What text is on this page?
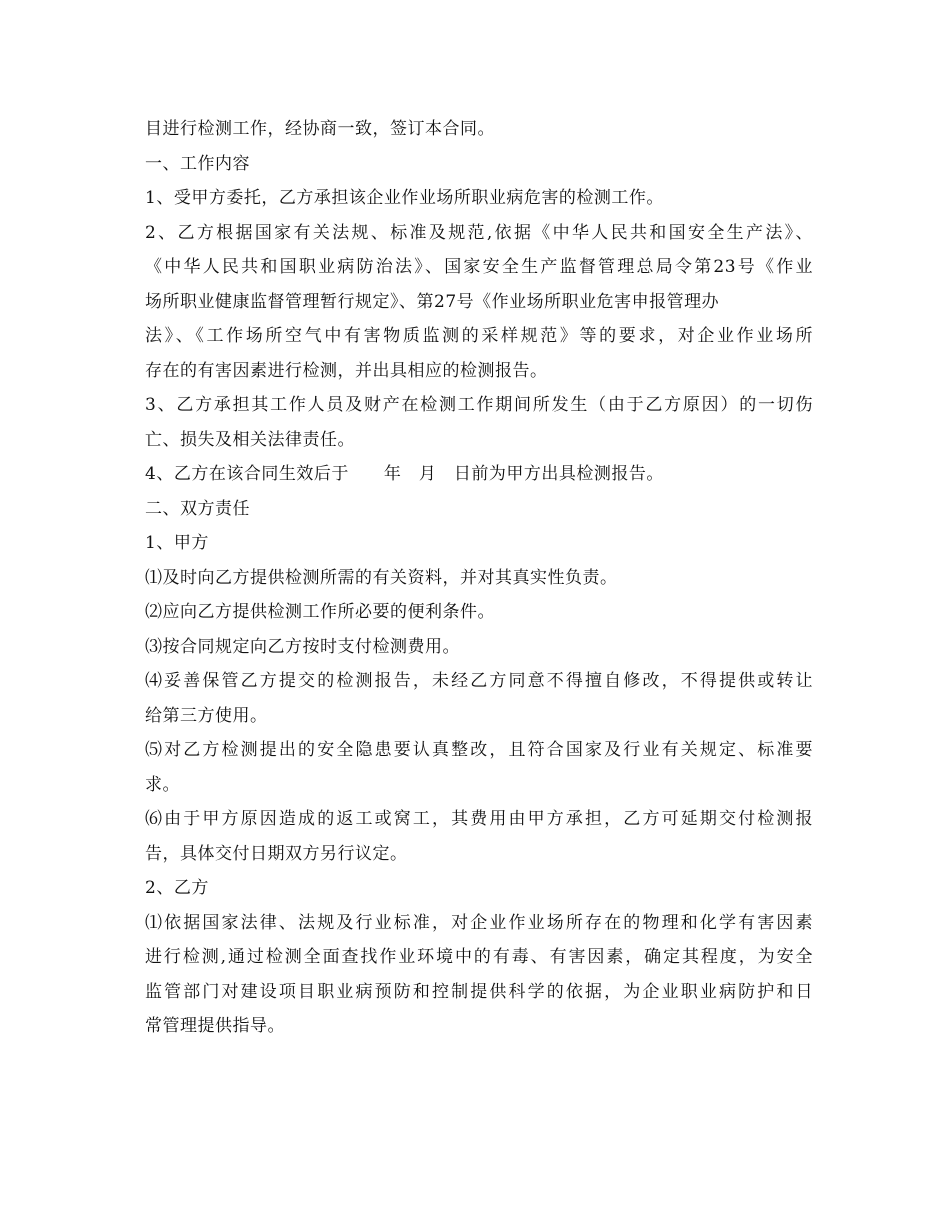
目进行检测工作，经协商一致，签订本合同。

一、工作内容

1、受甲方委托，乙方承担该企业作业场所职业病危害的检测工作。

2、乙方根据国家有关法规、标准及规范,依据《中华人民共和国安全生产法》、

《中华人民共和国职业病防治法》、国家安全生产监督管理总局令第23号《作业

场所职业健康监督管理暂行规定》、第27号《作业场所职业危害申报管理办

法》、《工作场所空气中有害物质监测的采样规范》等的要求，对企业作业场所

存在的有害因素进行检测，并出具相应的检测报告。

3、乙方承担其工作人员及财产在检测工作期间所发生（由于乙方原因）的一切伤

亡、损失及相关法律责任。

4、乙方在该合同生效后于　　年　月　日前为甲方出具检测报告。

二、双方责任

1、甲方

⑴及时向乙方提供检测所需的有关资料，并对其真实性负责。

⑵应向乙方提供检测工作所必要的便利条件。

⑶按合同规定向乙方按时支付检测费用。

⑷妥善保管乙方提交的检测报告，未经乙方同意不得擅自修改，不得提供或转让

给第三方使用。

⑸对乙方检测提出的安全隐患要认真整改，且符合国家及行业有关规定、标准要

求。

⑹由于甲方原因造成的返工或窝工，其费用由甲方承担，乙方可延期交付检测报

告，具体交付日期双方另行议定。

2、乙方

⑴依据国家法律、法规及行业标准，对企业作业场所存在的物理和化学有害因素

进行检测,通过检测全面查找作业环境中的有毒、有害因素，确定其程度，为安全

监管部门对建设项目职业病预防和控制提供科学的依据，为企业职业病防护和日

常管理提供指导。
